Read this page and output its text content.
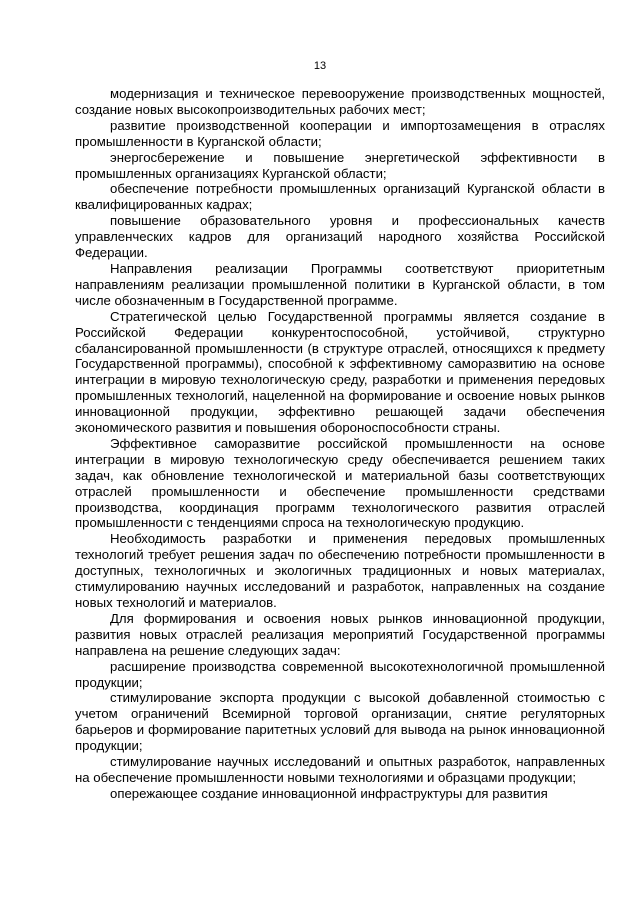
13

модернизация и техническое перевооружение производственных мощностей, создание новых высокопроизводительных рабочих мест;

развитие производственной кооперации и импортозамещения в отраслях промышленности в Курганской области;

энергосбережение и повышение энергетической эффективности в промышленных организациях Курганской области;

обеспечение потребности промышленных организаций Курганской области в квалифицированных кадрах;

повышение образовательного уровня и профессиональных качеств управленческих кадров для организаций народного хозяйства Российской Федерации.

Направления реализации Программы соответствуют приоритетным направлениям реализации промышленной политики в Курганской области, в том числе обозначенным в Государственной программе.

Стратегической целью Государственной программы является создание в Российской Федерации конкурентоспособной, устойчивой, структурно сбалансированной промышленности (в структуре отраслей, относящихся к предмету Государственной программы), способной к эффективному саморазвитию на основе интеграции в мировую технологическую среду, разработки и применения передовых промышленных технологий, нацеленной на формирование и освоение новых рынков инновационной продукции, эффективно решающей задачи обеспечения экономического развития и повышения обороноспособности страны.

Эффективное саморазвитие российской промышленности на основе интеграции в мировую технологическую среду обеспечивается решением таких задач, как обновление технологической и материальной базы соответствующих отраслей промышленности и обеспечение промышленности средствами производства, координация программ технологического развития отраслей промышленности с тенденциями спроса на технологическую продукцию.

Необходимость разработки и применения передовых промышленных технологий требует решения задач по обеспечению потребности промышленности в доступных, технологичных и экологичных традиционных и новых материалах, стимулированию научных исследований и разработок, направленных на создание новых технологий и материалов.

Для формирования и освоения новых рынков инновационной продукции, развития новых отраслей реализация мероприятий Государственной программы направлена на решение следующих задач:

расширение производства современной высокотехнологичной промышленной продукции;

стимулирование экспорта продукции с высокой добавленной стоимостью с учетом ограничений Всемирной торговой организации, снятие регуляторных барьеров и формирование паритетных условий для вывода на рынок инновационной продукции;

стимулирование научных исследований и опытных разработок, направленных на обеспечение промышленности новыми технологиями и образцами продукции;

опережающее создание инновационной инфраструктуры для развития
